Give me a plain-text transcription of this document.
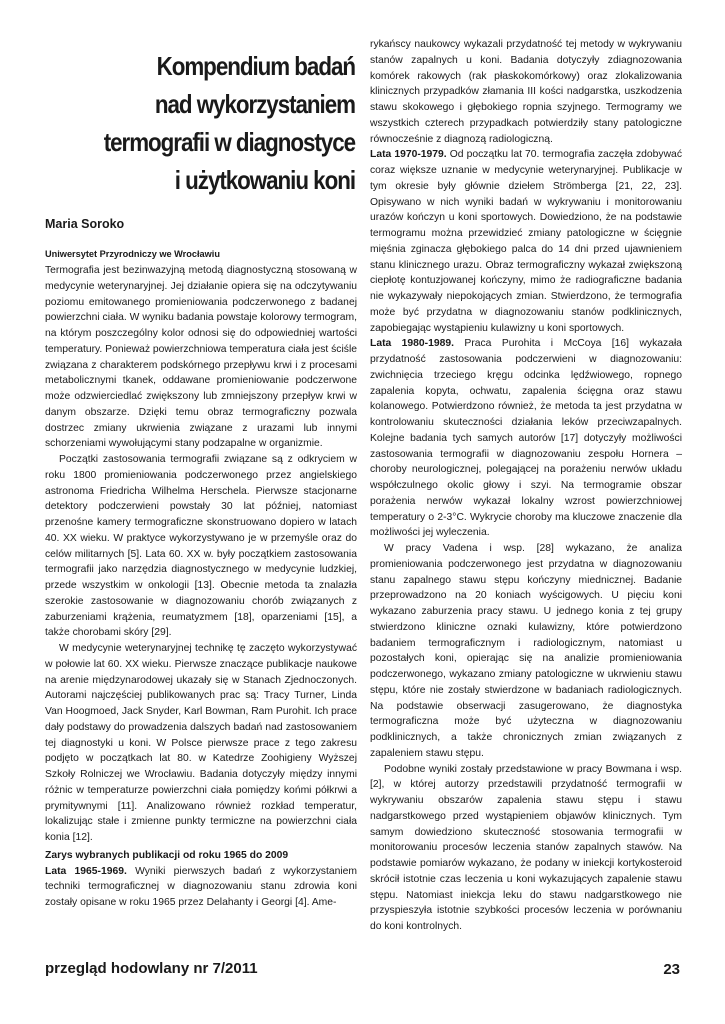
Kompendium badań
nad wykorzystaniem
termografii w diagnostyce
i użytkowaniu koni
Maria Soroko
Uniwersytet Przyrodniczy we Wrocławiu

Termografia jest bezinwazyjną metodą diagnostyczną stosowaną w medycynie weterynaryjnej. Jej działanie opiera się na odczytywaniu poziomu emitowanego promieniowania podczerwonego z badanej powierzchni ciała. W wyniku badania powstaje kolorowy termogram, na którym poszczególny kolor odnosi się do odpowiedniej wartości temperatury. Ponieważ powierzchniowa temperatura ciała jest ściśle związana z charakterem podskórnego przepływu krwi i z procesami metabolicznymi tkanek, oddawane promieniowanie podczerwone może odzwierciedlać zwiększony lub zmniejszony przepływ krwi w danym obszarze. Dzięki temu obraz termograficzny pozwala dostrzec zmiany ukrwienia związane z urazami lub innymi schorzeniami wywołującymi stany podzapalne w organizmie.

Początki zastosowania termografii związane są z odkryciem w roku 1800 promieniowania podczerwonego przez angielskiego astronoma Friedricha Wilhelma Herschela. Pierwsze stacjonarne detektory podczerwieni powstały 30 lat później, natomiast przenośne kamery termograficzne skonstruowano dopiero w latach 40. XX wieku. W praktyce wykorzystywano je w przemyśle oraz do celów militarnych [5]. Lata 60. XX w. były początkiem zastosowania termografii jako narzędzia diagnostycznego w medycynie ludzkiej, przede wszystkim w onkologii [13]. Obecnie metoda ta znalazła szerokie zastosowanie w diagnozowaniu chorób związanych z zaburzeniami krążenia, reumatyzmem [18], oparzeniami [15], a także chorobami skóry [29].

W medycynie weterynaryjnej technikę tę zaczęto wykorzystywać w połowie lat 60. XX wieku. Pierwsze znaczące publikacje naukowe na arenie międzynarodowej ukazały się w Stanach Zjednoczonych. Autorami najczęściej publikowanych prac są: Tracy Turner, Linda Van Hoogmoed, Jack Snyder, Karl Bowman, Ram Purohit. Ich prace dały podstawy do prowadzenia dalszych badań nad zastosowaniem tej diagnostyki u koni. W Polsce pierwsze prace z tego zakresu podjęto w początkach lat 80. w Katedrze Zoohigieny Wyższej Szkoły Rolniczej we Wrocławiu. Badania dotyczyły między innymi różnic w temperaturze powierzchni ciała pomiędzy końmi półkrwi a prymitywnymi [11]. Analizowano również rozkład temperatur, lokalizując stałe i zmienne punkty termiczne na powierzchni ciała konia [12].

Zarys wybranych publikacji od roku 1965 do 2009

Lata 1965-1969. Wyniki pierwszych badań z wykorzystaniem techniki termograficznej w diagnozowaniu stanu zdrowia koni zostały opisane w roku 1965 przez Delahanty i Georgi [4]. Ame-

rykańscy naukowcy wykazali przydatność tej metody w wykrywaniu stanów zapalnych u koni. Badania dotyczyły zdiagnozowania komórek rakowych (rak płaskokomórkowy) oraz zlokalizowania klinicznych przypadków złamania III kości nadgarstka, uszkodzenia stawu skokowego i głębokiego ropnia szyjnego. Termogramy we wszystkich czterech przypadkach potwierdziły stany patologiczne równocześnie z diagnozą radiologiczną.

Lata 1970-1979. Od początku lat 70. termografia zaczęła zdobywać coraz większe uznanie w medycynie weterynaryjnej. Publikacje w tym okresie były głównie dziełem Strömberga [21, 22, 23]. Opisywano w nich wyniki badań w wykrywaniu i monitorowaniu urazów kończyn u koni sportowych. Dowiedziono, że na podstawie termogramu można przewidzieć zmiany patologiczne w ścięgnie mięśnia zginacza głębokiego palca do 14 dni przed ujawnieniem stanu klinicznego urazu. Obraz termograficzny wykazał zwiększoną ciepłotę kontuzjowanej kończyny, mimo że radiograficzne badania nie wykazywały niepokojących zmian. Stwierdzono, że termografia może być przydatna w diagnozowaniu stanów podklinicznych, zapobiegając wystąpieniu kulawizny u koni sportowych.

Lata 1980-1989. Praca Purohita i McCoya [16] wykazała przydatność zastosowania podczerwieni w diagnozowaniu: zwichnięcia trzeciego kręgu odcinka lędźwiowego, ropnego zapalenia kopyta, ochwatu, zapalenia ścięgna oraz stawu kolanowego. Potwierdzono również, że metoda ta jest przydatna w kontrolowaniu skuteczności działania leków przeciwzapalnych. Kolejne badania tych samych autorów [17] dotyczyły możliwości zastosowania termografii w diagnozowaniu zespołu Hornera – choroby neurologicznej, polegającej na porażeniu nerwów układu współczulnego okolic głowy i szyi. Na termogramie obszar porażenia nerwów wykazał lokalny wzrost powierzchniowej temperatury o 2-3°C. Wykrycie choroby ma kluczowe znaczenie dla możliwości jej wyleczenia.

W pracy Vadena i wsp. [28] wykazano, że analiza promieniowania podczerwonego jest przydatna w diagnozowaniu stanu zapalnego stawu stępu kończyny miednicznej. Badanie przeprowadzono na 20 koniach wyścigowych. U pięciu koni wykazano zaburzenia pracy stawu. U jednego konia z tej grupy stwierdzono kliniczne oznaki kulawizny, które potwierdzono badaniem termograficznym i radiologicznym, natomiast u pozostałych koni, opierając się na analizie promieniowania podczerwonego, wykazano zmiany patologiczne w ukrwieniu stawu stępu, które nie zostały stwierdzone w badaniach radiologicznych. Na podstawie obserwacji zasugerowano, że diagnostyka termograficzna może być użyteczna w diagnozowaniu podklinicznych, a także chronicznych zmian związanych z zapaleniem stawu stępu.

Podobne wyniki zostały przedstawione w pracy Bowmana i wsp. [2], w której autorzy przedstawili przydatność termografii w wykrywaniu obszarów zapalenia stawu stępu i stawu nadgarstkowego przed wystąpieniem objawów klinicznych. Tym samym dowiedziono skuteczność stosowania termografii w monitorowaniu procesów leczenia stanów zapalnych stawów. Na podstawie pomiarów wykazano, że podany w iniekcji kortykosteroid skrócił istotnie czas leczenia u koni wykazujących zapalenie stawu stępu. Natomiast iniekcja leku do stawu nadgarstkowego nie przyspieszyła istotnie szybkości procesów leczenia w porównaniu do koni kontrolnych.

przegląd hodowlany nr 7/2011	23
